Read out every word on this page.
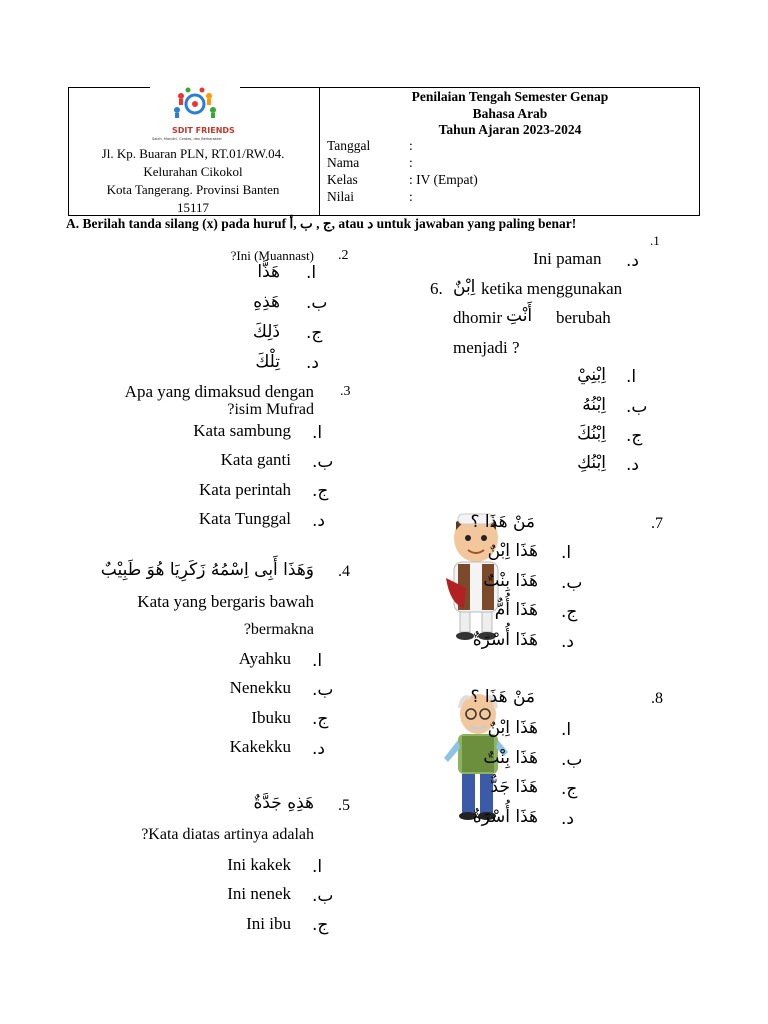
SDIT FRIENDS
Saleh, Mandiri, Cerdas, dan Berkarakter
Jl. Kp. Buaran PLN, RT.01/RW.04.
Kelurahan Cikokol
Kota Tangerang. Provinsi Banten
15117
Penilaian Tengah Semester Genap
Bahasa Arab
Tahun Ajaran 2023-2024
Tanggal	:
Nama	:
Kelas	: IV (Empat)
Nilai	:
A. Berilah tanda silang (x) pada huruf ج , ب ,أ, atau د untuk jawaban yang paling benar!
.1
.2
?Ini (Muannast)
ا.
هَذَّا
ب.
هَذِهِ
ج.
ذَلِكَ
د.
تِلْكَ
.3
Apa yang dimaksud dengan
?isim Mufrad
ا.
Kata sambung
ب.
Kata ganti
ج.
Kata perintah
د.
Kata Tunggal
.4
وَهَذَا أَبِى اِسْمُهُ زَكَرِيَا هُوَ طَبِيْبٌ
Kata yang bergaris bawah
?bermakna
ا.
Ayahku
ب.
Nenekku
ج.
Ibuku
د.
Kakekku
.5
هَذِهِ جَدَّةٌ
?Kata diatas artinya adalah
ا.
Ini kakek
ب.
Ini nenek
ج.
Ini ibu
د.
Ini paman
6. اِبْنٌ ketika menggunakan
dhomir أَنْتِ berubah
menjadi ?
ا.
اِبْنِيْ
ب.
اِبْنُهُ
ج.
اِبْنُكَ
د.
اِبْنُكِ
.7
مَنْ هَذَا ؟
ا.
هَذَا اِبْنٌ
ب.
هَذَا بِنْتٌ
ج.
هَذَا أُمٌّ
د.
هَذَا أُسْرَةٌ
.8
مَنْ هَذَا ؟
ا.
هَذَا اِبْنٌ
ب.
هَذَا بِنْتٌ
ج.
هَذَا جَدٌّ
د.
هَذَا أُسْرَةٌ
